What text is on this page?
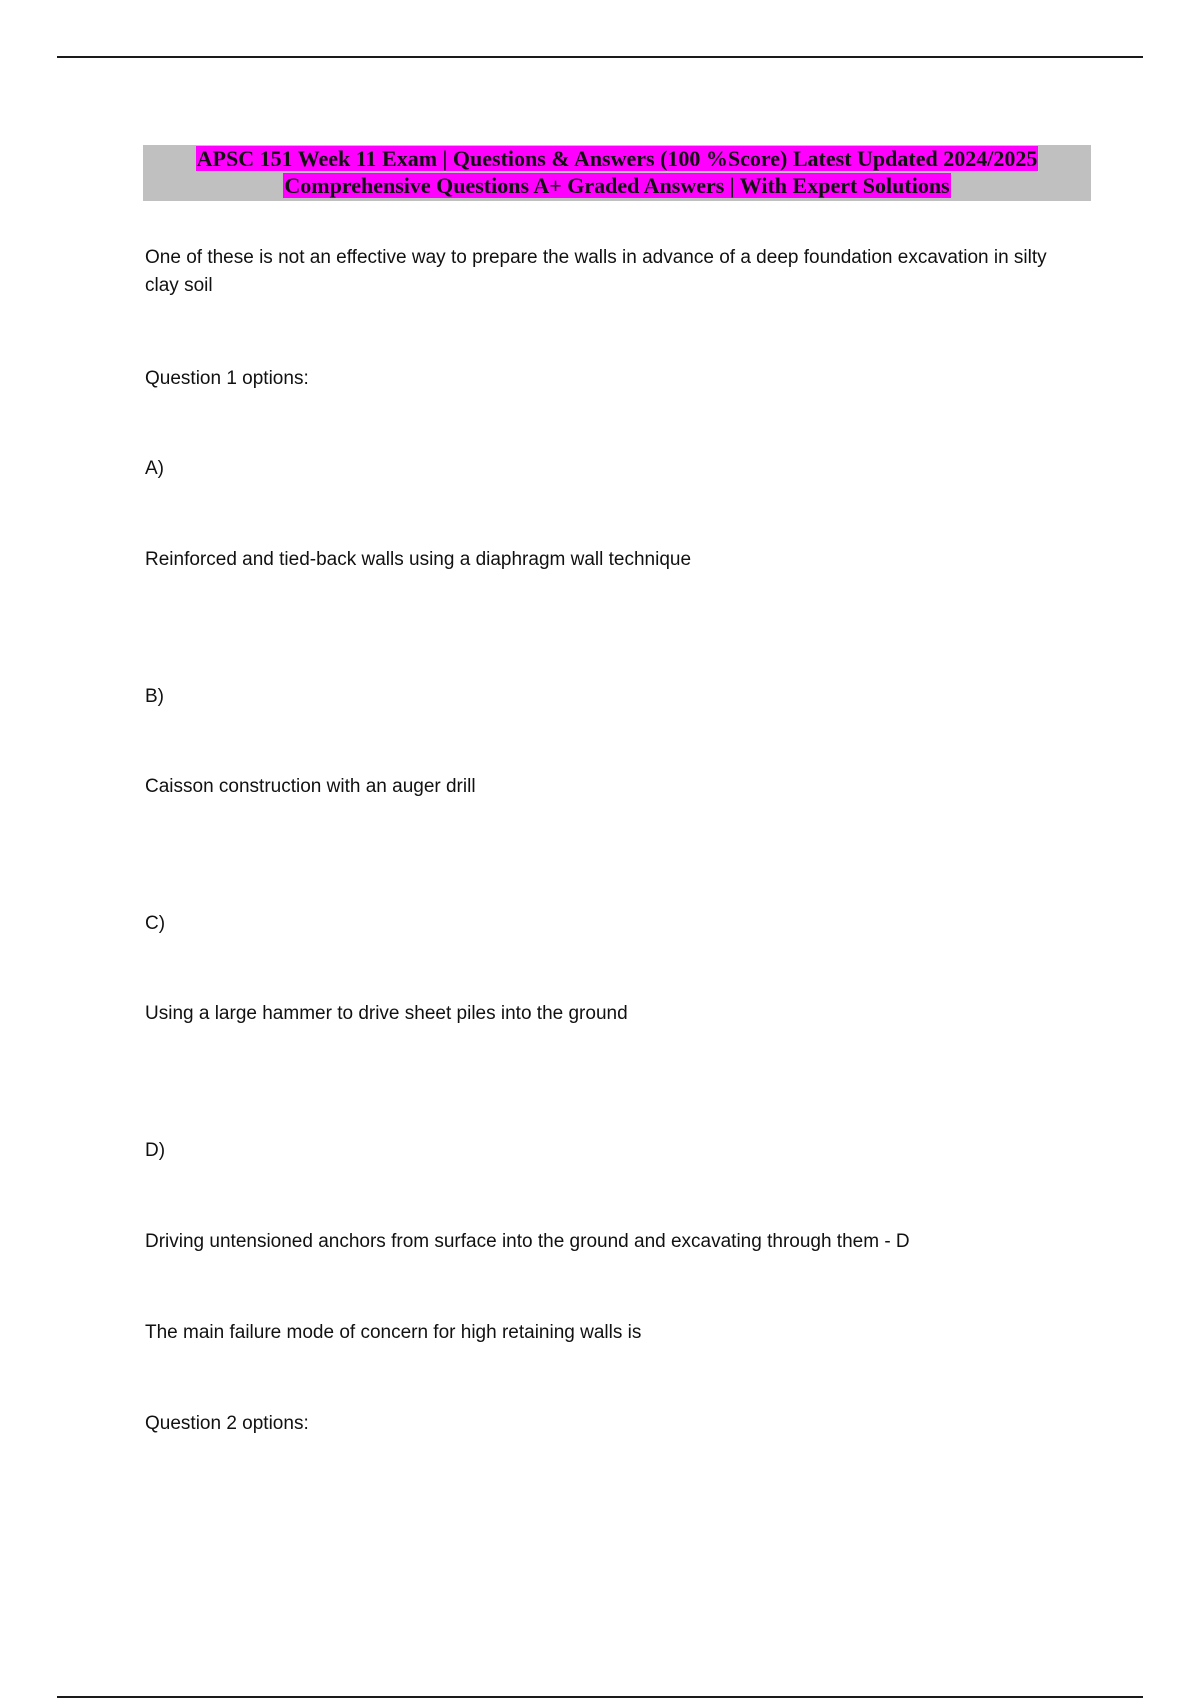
APSC 151 Week 11 Exam | Questions & Answers (100 %Score) Latest Updated 2024/2025
Comprehensive Questions A+ Graded Answers | With Expert Solutions
One of these is not an effective way to prepare the walls in advance of a deep foundation excavation in silty clay soil
Question 1 options:
A)
Reinforced and tied-back walls using a diaphragm wall technique
B)
Caisson construction with an auger drill
C)
Using a large hammer to drive sheet piles into the ground
D)
Driving untensioned anchors from surface into the ground and excavating through them - D
The main failure mode of concern for high retaining walls is
Question 2 options:
